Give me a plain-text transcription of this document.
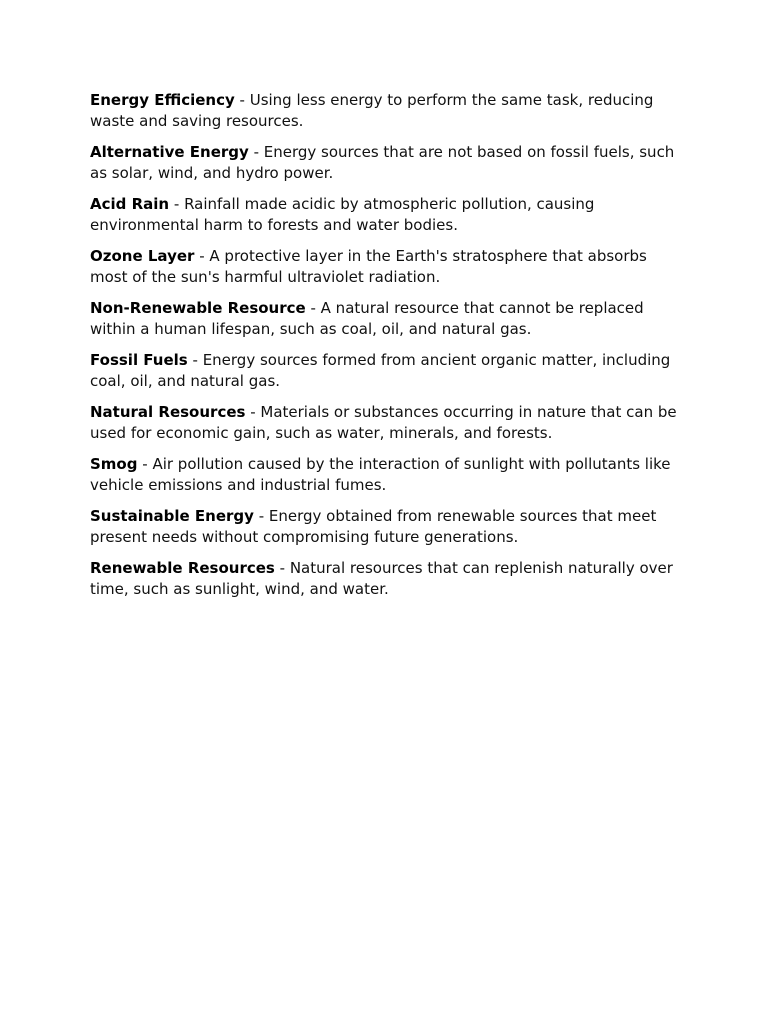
Energy Efficiency - Using less energy to perform the same task, reducing waste and saving resources.

Alternative Energy - Energy sources that are not based on fossil fuels, such as solar, wind, and hydro power.

Acid Rain - Rainfall made acidic by atmospheric pollution, causing environmental harm to forests and water bodies.

Ozone Layer - A protective layer in the Earth's stratosphere that absorbs most of the sun's harmful ultraviolet radiation.

Non-Renewable Resource - A natural resource that cannot be replaced within a human lifespan, such as coal, oil, and natural gas.

Fossil Fuels - Energy sources formed from ancient organic matter, including coal, oil, and natural gas.

Natural Resources - Materials or substances occurring in nature that can be used for economic gain, such as water, minerals, and forests.

Smog - Air pollution caused by the interaction of sunlight with pollutants like vehicle emissions and industrial fumes.

Sustainable Energy - Energy obtained from renewable sources that meet present needs without compromising future generations.

Renewable Resources - Natural resources that can replenish naturally over time, such as sunlight, wind, and water.
